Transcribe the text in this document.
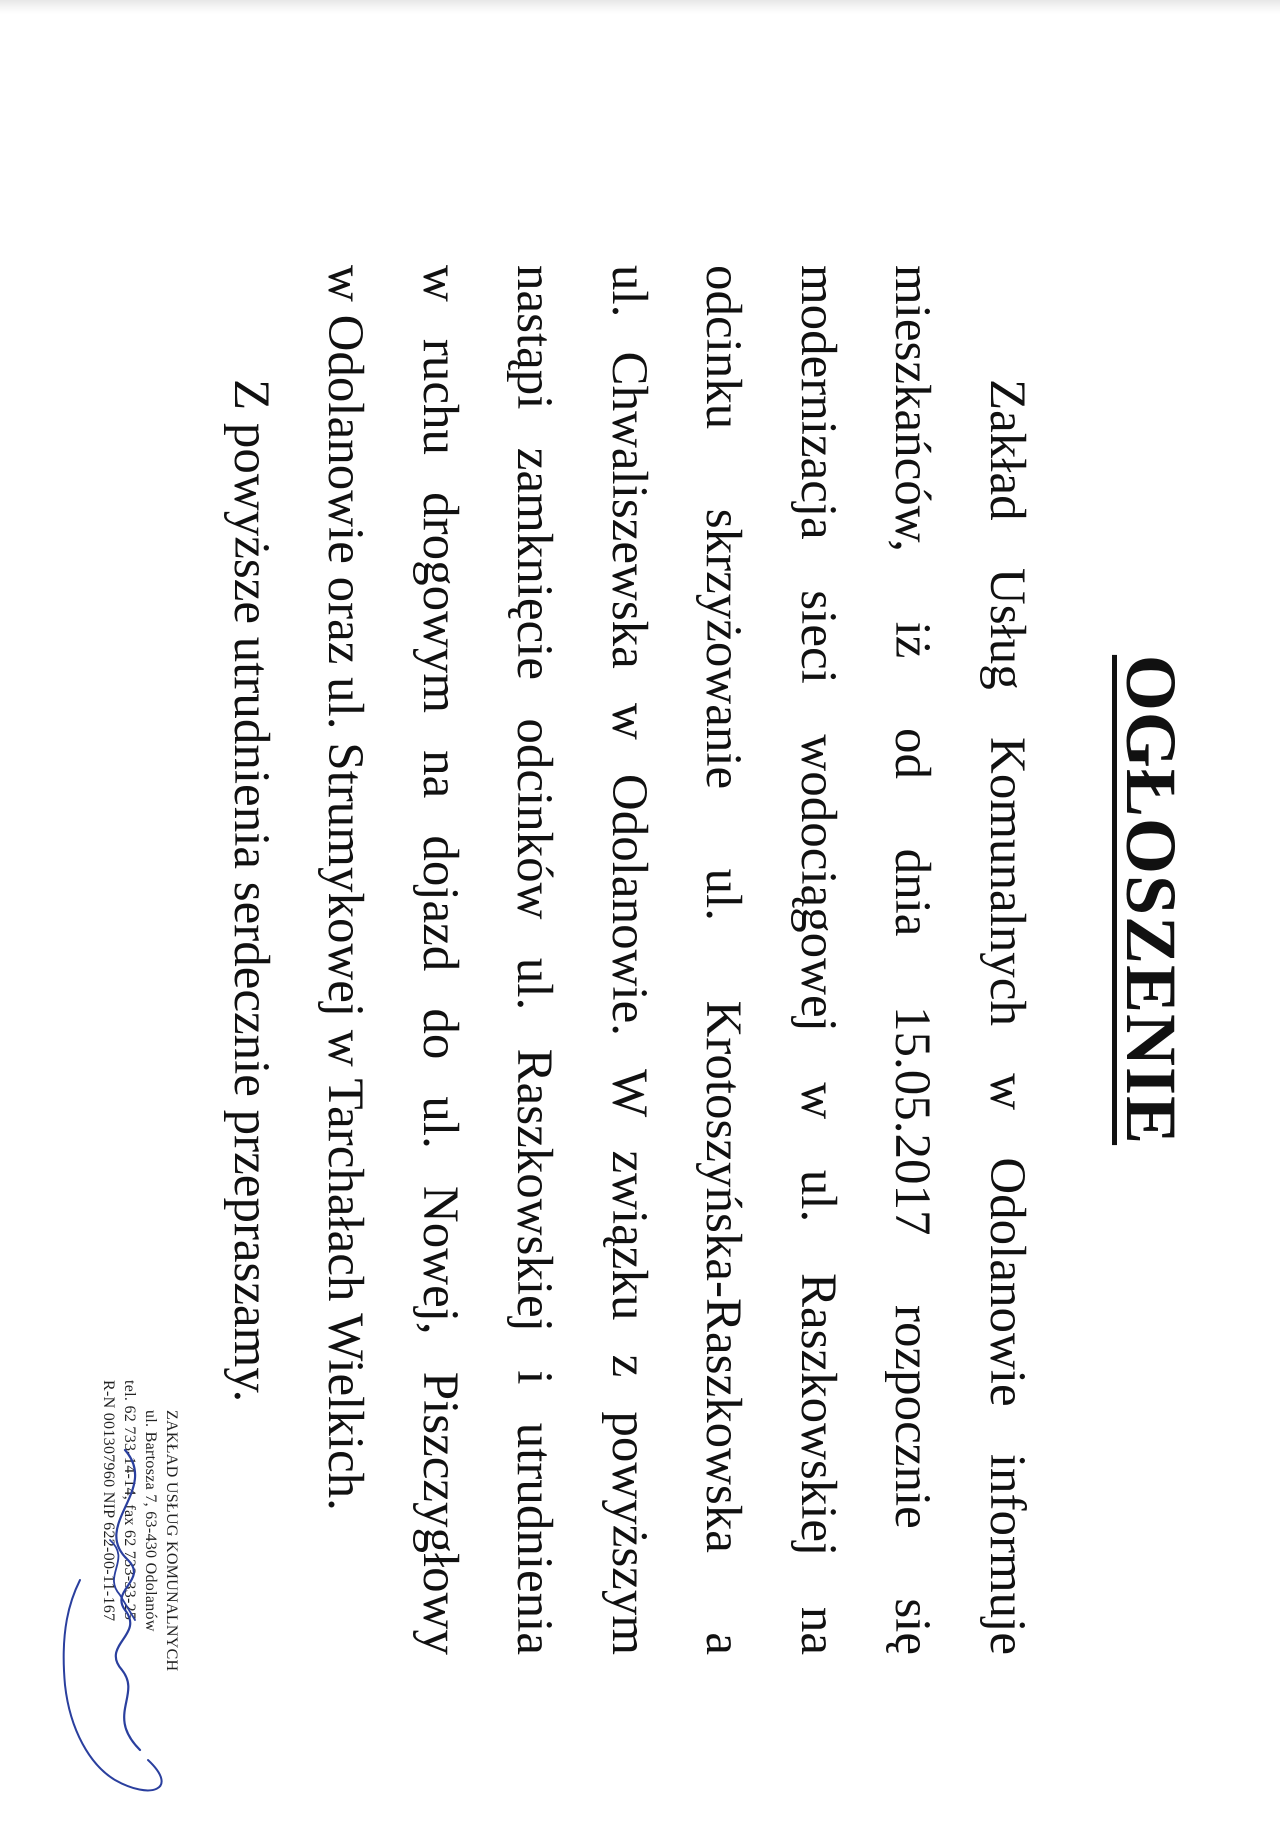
OGŁOSZENIE
Zakład Usług Komunalnych w Odolanowie informuje
mieszkańców, iż od dnia 15.05.2017 rozpocznie się
modernizacja sieci wodociągowej w ul. Raszkowskiej na
odcinku skrzyżowanie ul. Krotoszyńska-Raszkowska a
ul. Chwaliszewska w Odolanowie. W związku z powyższym
nastąpi zamknięcie odcinków ul. Raszkowskiej i utrudnienia
w ruchu drogowym na dojazd do ul. Nowej, Piszczygłowy
w Odolanowie oraz ul. Strumykowej w Tarchałach Wielkich.
Z powyższe utrudnienia serdecznie przepraszamy.
ZAKŁAD USŁUG KOMUNALNYCH
ul. Bartosza 7, 63-430 Odolanów
tel. 62 733-14-14, fax 62 733-33-25
R-N 001307960 NIP 622-00-11-167
